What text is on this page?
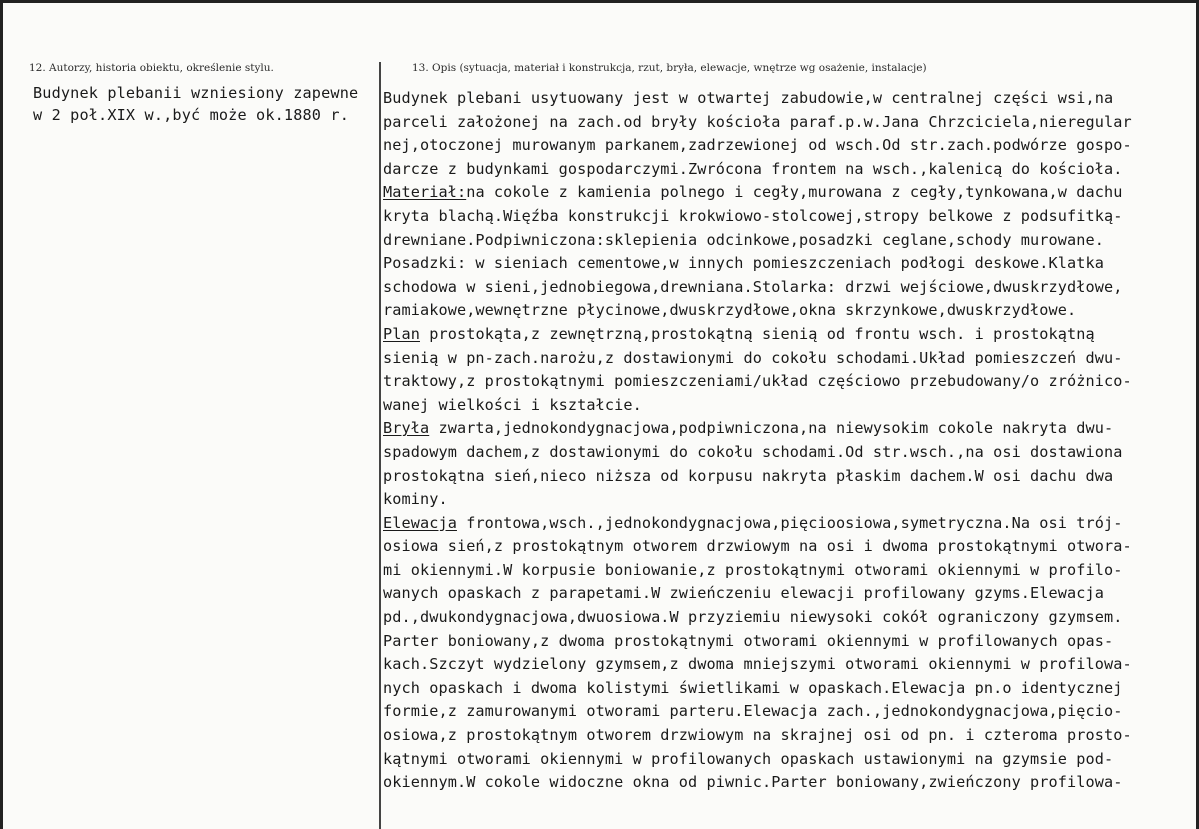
12. Autorzy, historia obiektu, określenie stylu.	13. Opis (sytuacja, materiał i konstrukcja, rzut, bryła, elewacje, wnętrze wg osażenie, instalacje)
Budynek plebanii wzniesiony zapewne
w 2 poł.XIX w.,być może ok.1880 r.
Budynek plebani usytuowany jest w otwartej zabudowie,w centralnej części wsi,na
parceli założonej na zach.od bryły kościoła paraf.p.w.Jana Chrzciciela,nieregular
nej,otoczonej murowanym parkanem,zadrzewionej od wsch.Od str.zach.podwórze gospo-
darcze z budynkami gospodarczymi.Zwrócona frontem na wsch.,kalenicą do kościoła.
Materiał:na cokole z kamienia polnego i cegły,murowana z cegły,tynkowana,w dachu
kryta blachą.Więźba konstrukcji krokwiowo-stolcowej,stropy belkowe z podsufitką-
drewniane.Podpiwniczona:sklepienia odcinkowe,posadzki ceglane,schody murowane.
Posadzki: w sieniach cementowe,w innych pomieszczeniach podłogi deskowe.Klatka
schodowa w sieni,jednobiegowa,drewniana.Stolarka: drzwi wejściowe,dwuskrzydłowe,
ramiakowe,wewnętrzne płycinowe,dwuskrzydłowe,okna skrzynkowe,dwuskrzydłowe.
Plan prostokąta,z zewnętrzną,prostokątną sienią od frontu wsch. i prostokątną
sienią w pn-zach.narożu,z dostawionymi do cokołu schodami.Układ pomieszczeń dwu-
traktowy,z prostokątnymi pomieszczeniami/układ częściowo przebudowany/o zróżnico-
wanej wielkości i kształcie.
Bryła zwarta,jednokondygnacjowa,podpiwniczona,na niewysokim cokole nakryta dwu-
spadowym dachem,z dostawionymi do cokołu schodami.Od str.wsch.,na osi dostawiona
prostokątna sień,nieco niższa od korpusu nakryta płaskim dachem.W osi dachu dwa
kominy.
Elewacja frontowa,wsch.,jednokondygnacjowa,pięcioosiowa,symetryczna.Na osi trój-
osiowa sień,z prostokątnym otworem drzwiowym na osi i dwoma prostokątnymi otwora-
mi okiennymi.W korpusie boniowanie,z prostokątnymi otworami okiennymi w profilo-
wanych opaskach z parapetami.W zwieńczeniu elewacji profilowany gzyms.Elewacja
pd.,dwukondygnacjowa,dwuosiowa.W przyziemiu niewysoki cokół ograniczony gzymsem.
Parter boniowany,z dwoma prostokątnymi otworami okiennymi w profilowanych opas-
kach.Szczyt wydzielony gzymsem,z dwoma mniejszymi otworami okiennymi w profilowa-
nych opaskach i dwoma kolistymi świetlikami w opaskach.Elewacja pn.o identycznej
formie,z zamurowanymi otworami parteru.Elewacja zach.,jednokondygnacjowa,pięcio-
osiowa,z prostokątnym otworem drzwiowym na skrajnej osi od pn. i czteroma prosto-
kątnymi otworami okiennymi w profilowanych opaskach ustawionymi na gzymsie pod-
okiennym.W cokole widoczne okna od piwnic.Parter boniowany,zwieńczony profilowa-
